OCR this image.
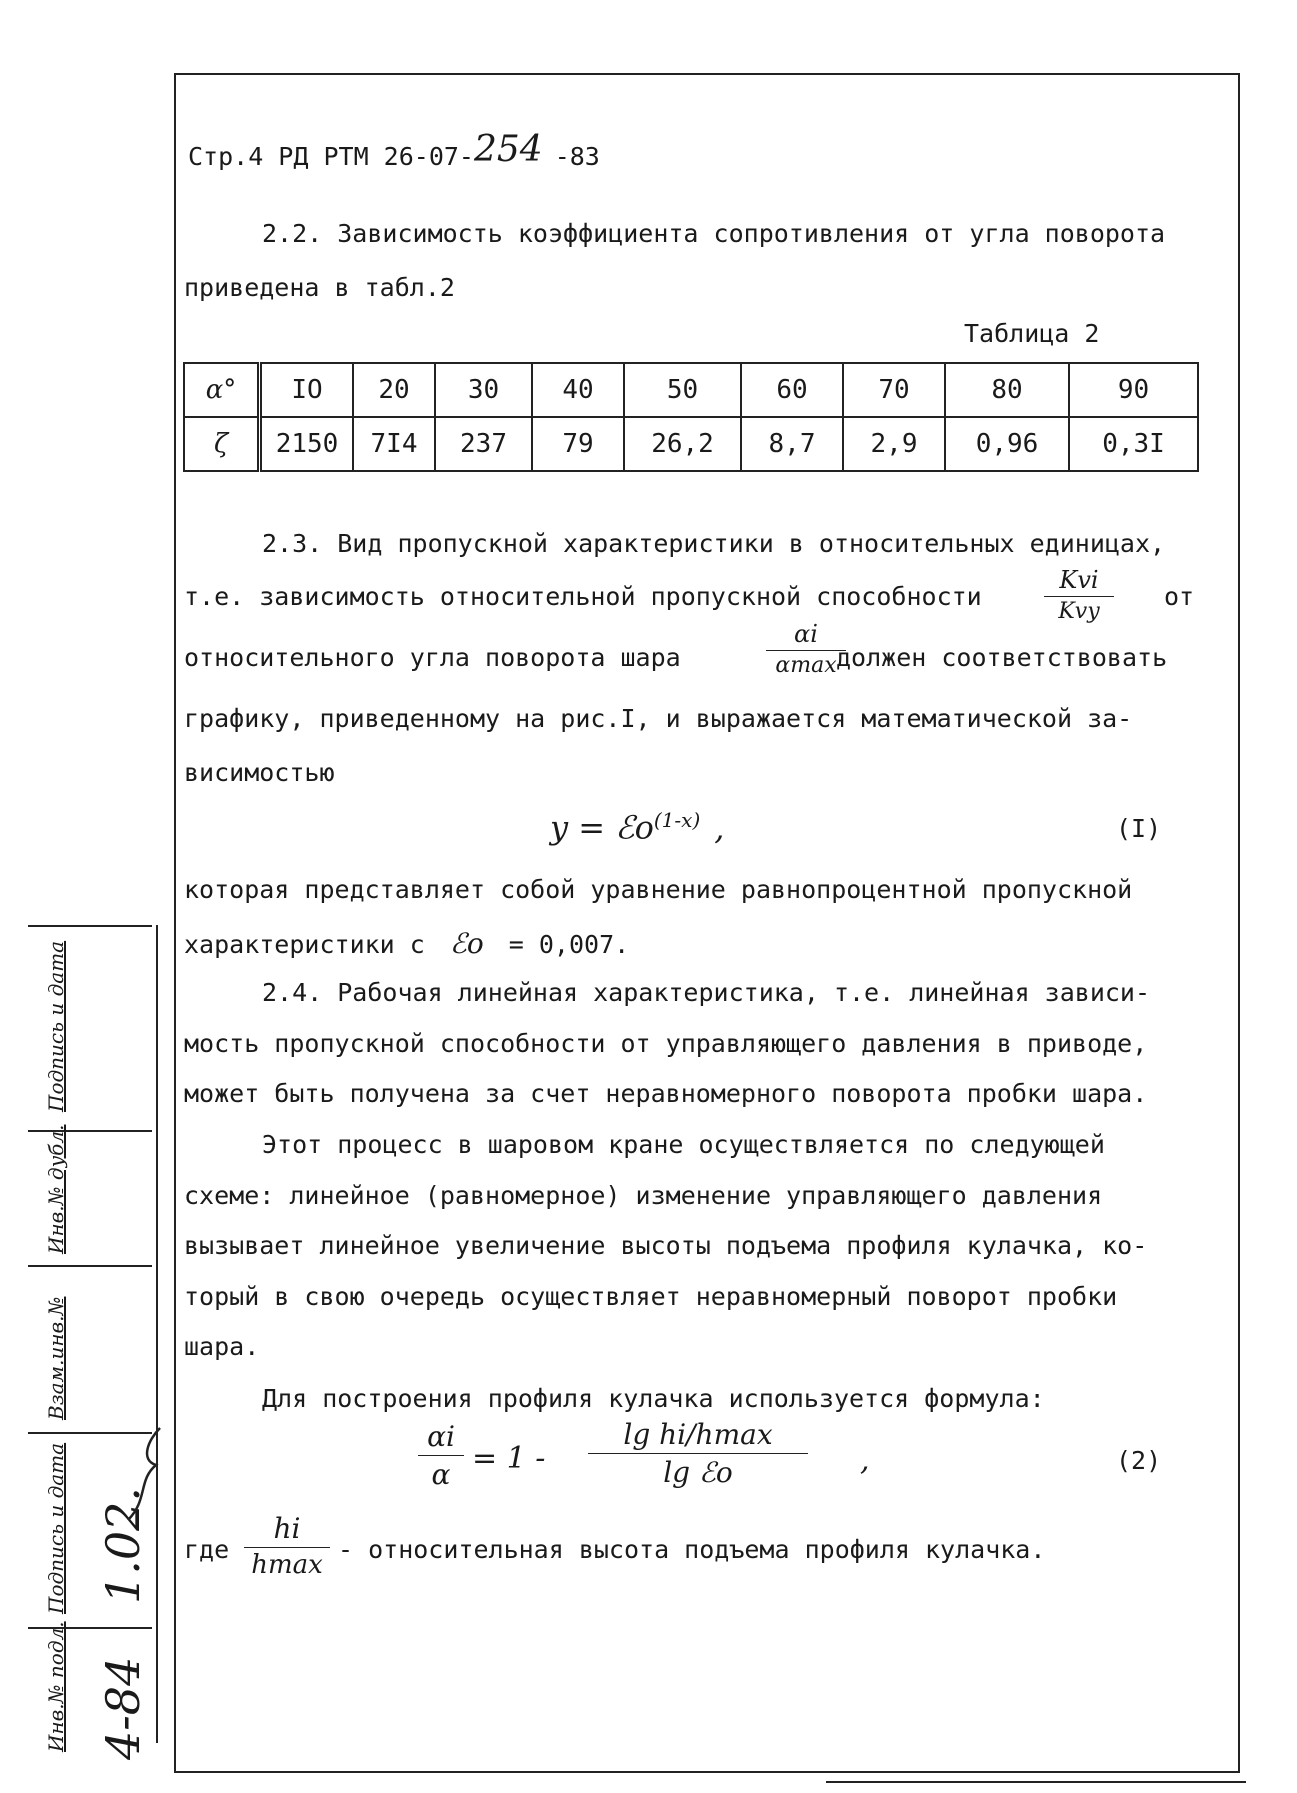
Стр.4 РД РТМ 26-07-254 -83
2.2. Зависимость коэффициента сопротивления от угла поворота
приведена в табл.2
Таблица 2
α°	IO	20	30	40	50	60	70	80	90
ζ	2150	7I4	237	79	26,2	8,7	2,9	0,96	0,3I
2.3. Вид пропускной характеристики в относительных единицах,
т.е. зависимость относительной пропускной способности
Kvi
Kvy
от
относительного угла поворота шара
αi
αmax должен соответствовать
графику, приведенному на рис.I, и выражается математической за-
висимостью
y = ℰo$^{(1-x)}$ ,	(I)
которая представляет собой уравнение равнопроцентной пропускной
характеристики с ℰo = 0,007.
2.4. Рабочая линейная характеристика, т.е. линейная зависи-
мость пропускной способности от управляющего давления в приводе,
может быть получена за счет неравномерного поворота пробки шара.
Этот процесс в шаровом кране осуществляется по следующей
схеме: линейное (равномерное) изменение управляющего давления
вызывает линейное увеличение высоты подъема профиля кулачка, ко-
торый в свою очередь осуществляет неравномерный поворот пробки
шара.
Для построения профиля кулачка используется формула:
$\frac{\alpha i}{\alpha} = 1$ -
lg hi/hmax
lg ℰo	,	(2)
где
hi
hmax
- относительная высота подъема профиля кулачка.
Подпись и дата
Инв.№ дубл.
Взам.инв.№
Подпись и дата
Инв.№ подл.
1.02.
4-84
